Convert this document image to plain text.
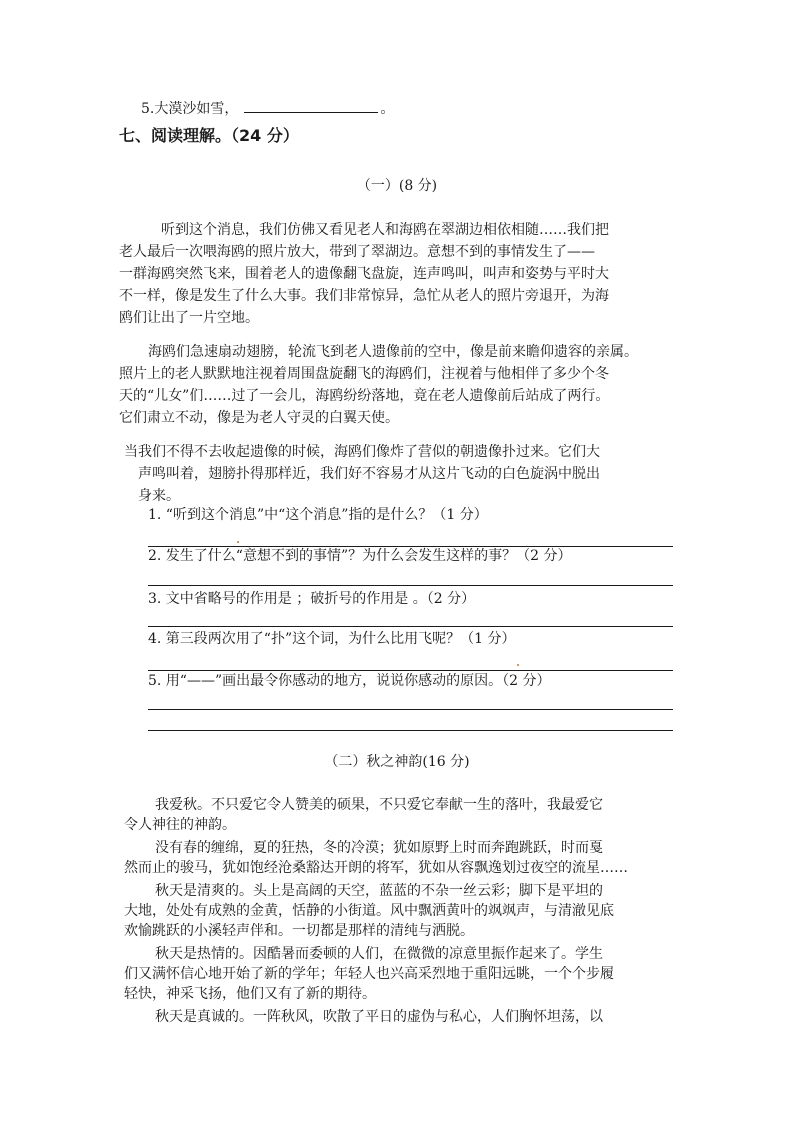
5.大漠沙如雪，	。
七、阅读理解。（24 分）
（一）(8 分)
听到这个消息，我们仿佛又看见老人和海鸥在翠湖边相依相随……我们把
老人最后一次喂海鸥的照片放大，带到了翠湖边。意想不到的事情发生了——
一群海鸥突然飞来，围着老人的遗像翻飞盘旋，连声鸣叫，叫声和姿势与平时大
不一样，像是发生了什么大事。我们非常惊异，急忙从老人的照片旁退开，为海
鸥们让出了一片空地。
海鸥们急速扇动翅膀，轮流飞到老人遗像前的空中，像是前来瞻仰遗容的亲属。
照片上的老人默默地注视着周围盘旋翻飞的海鸥们，注视着与他相伴了多少个冬
天的“儿女”们……过了一会儿，海鸥纷纷落地，竟在老人遗像前后站成了两行。
它们肃立不动，像是为老人守灵的白翼天使。
当我们不得不去收起遗像的时候，海鸥们像炸了营似的朝遗像扑过来。它们大
声鸣叫着，翅膀扑得那样近，我们好不容易才从这片飞动的白色旋涡中脱出
身来。
1. “听到这个消息”中“这个消息”指的是什么？（1 分）
2. 发生了什么“意想不到的事情”？为什么会发生这样的事？（2 分）
3. 文中省略号的作用是 ；破折号的作用是 。（2 分）
4. 第三段两次用了“扑”这个词，为什么比用飞呢？（1 分）
5. 用“——”画出最令你感动的地方，说说你感动的原因。（2 分）
（二）秋之神韵(16 分)
我爱秋。不只爱它令人赞美的硕果，不只爱它奉献一生的落叶，我最爱它
令人神往的神韵。
没有春的缠绵，夏的狂热，冬的冷漠；犹如原野上时而奔跑跳跃，时而戛
然而止的骏马，犹如饱经沧桑豁达开朗的将军，犹如从容飘逸划过夜空的流星……
秋天是清爽的。头上是高阔的天空，蓝蓝的不杂一丝云彩；脚下是平坦的
大地，处处有成熟的金黄，恬静的小街道。风中飘洒黄叶的飒飒声，与清澈见底
欢愉跳跃的小溪轻声伴和。一切都是那样的清纯与洒脱。
秋天是热情的。因酷暑而委顿的人们，在微微的凉意里振作起来了。学生
们又满怀信心地开始了新的学年；年轻人也兴高采烈地于重阳远眺，一个个步履
轻快，神采飞扬，他们又有了新的期待。
秋天是真诚的。一阵秋风，吹散了平日的虚伪与私心，人们胸怀坦荡，以
